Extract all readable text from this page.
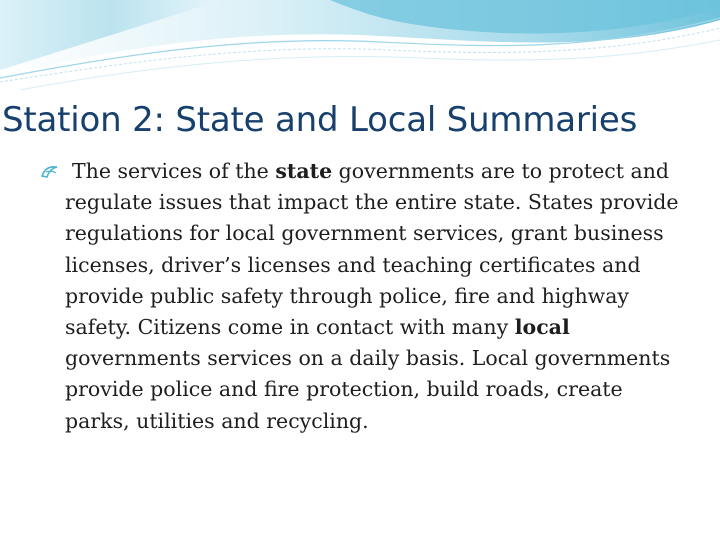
Station 2: State and Local Summaries

The services of the state governments are to protect and regulate issues that impact the entire state. States provide regulations for local government services, grant business licenses, driver’s licenses and teaching certificates and provide public safety through police, fire and highway safety. Citizens come in contact with many local governments services on a daily basis. Local governments provide police and fire protection, build roads, create parks, utilities and recycling.
